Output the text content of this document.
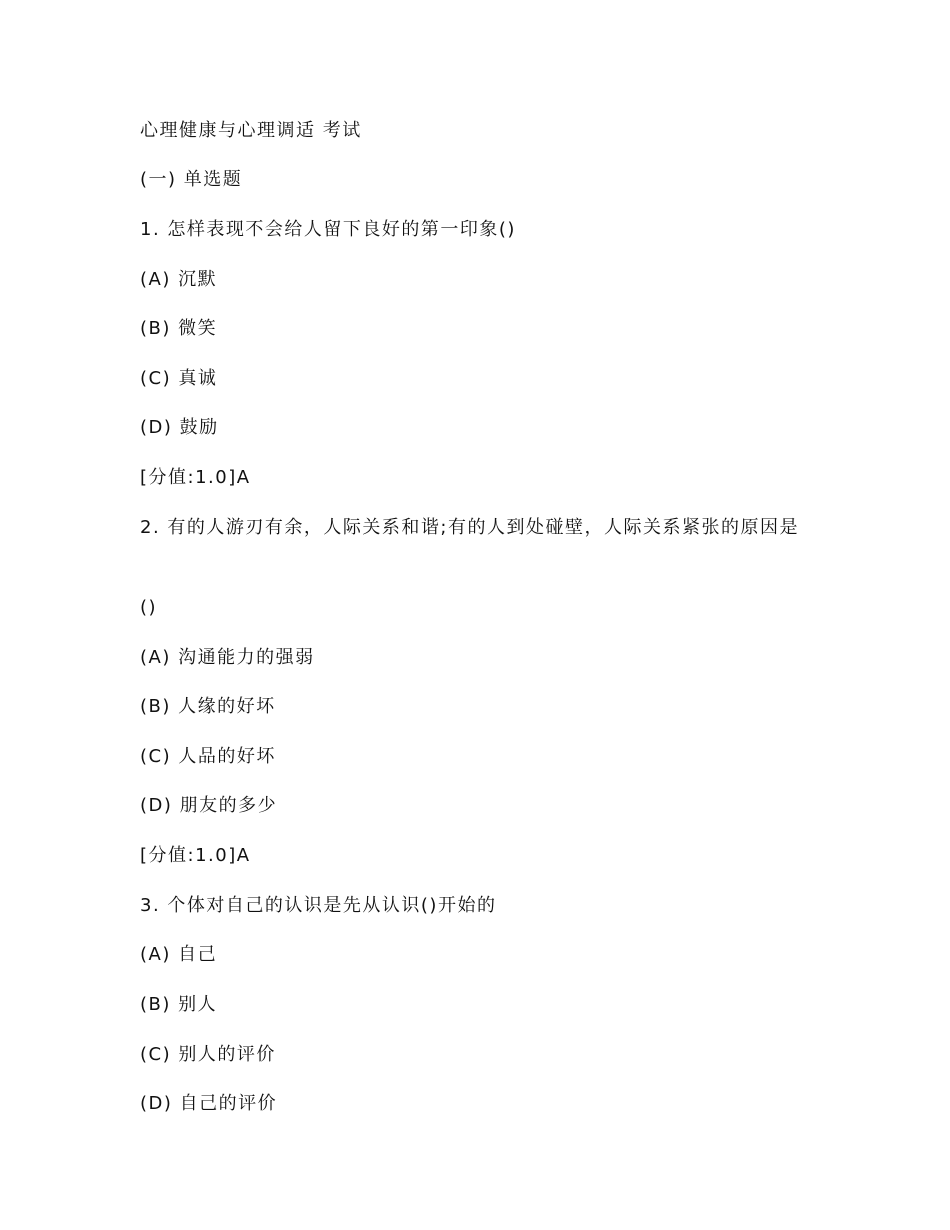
心理健康与心理调适 考试
(一) 单选题
1. 怎样表现不会给人留下良好的第一印象()
(A) 沉默
(B) 微笑
(C) 真诚
(D) 鼓励
[分值:1.0]A
2. 有的人游刃有余，人际关系和谐;有的人到处碰壁，人际关系紧张的原因是
()
(A) 沟通能力的强弱
(B) 人缘的好坏
(C) 人品的好坏
(D) 朋友的多少
[分值:1.0]A
3. 个体对自己的认识是先从认识()开始的
(A) 自己
(B) 别人
(C) 别人的评价
(D) 自己的评价
